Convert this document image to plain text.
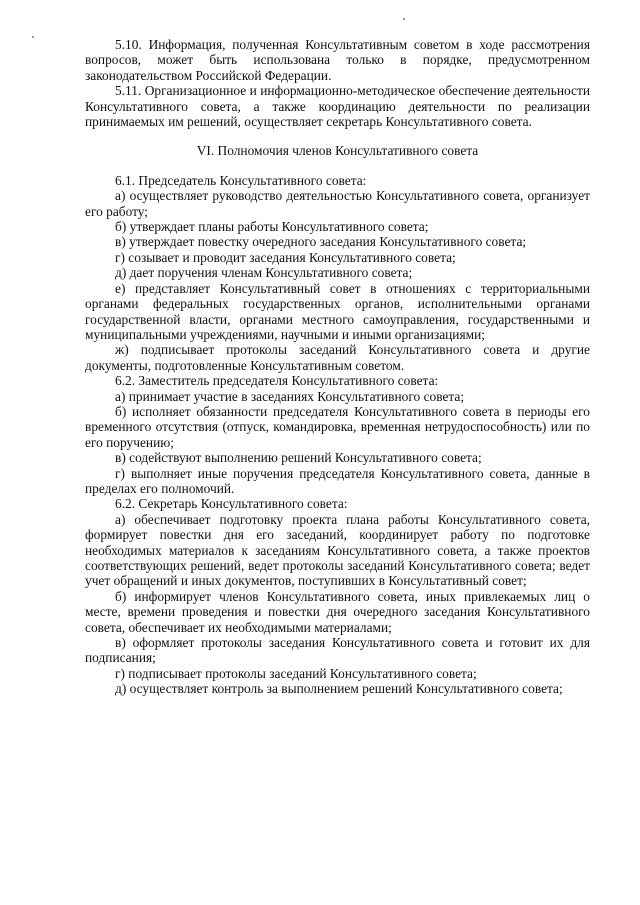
5.10. Информация, полученная Консультативным советом в ходе рассмотрения вопросов, может быть использована только в порядке, предусмотренном законодательством Российской Федерации.

5.11. Организационное и информационно-методическое обеспечение деятельности Консультативного совета, а также координацию деятельности по реализации принимаемых им решений, осуществляет секретарь Консультативного совета.

VI. Полномочия членов Консультативного совета

6.1. Председатель Консультативного совета:

а) осуществляет руководство деятельностью Консультативного совета, организует его работу;

б) утверждает планы работы Консультативного совета;

в) утверждает повестку очередного заседания Консультативного совета;

г) созывает и проводит заседания Консультативного совета;

д) дает поручения членам Консультативного совета;

е) представляет Консультативный совет в отношениях с территориальными органами федеральных государственных органов, исполнительными органами государственной власти, органами местного самоуправления, государственными и муниципальными учреждениями, научными и иными организациями;

ж) подписывает протоколы заседаний Консультативного совета и другие документы, подготовленные Консультативным советом.

6.2. Заместитель председателя Консультативного совета:

а) принимает участие в заседаниях Консультативного совета;

б) исполняет обязанности председателя Консультативного совета в периоды его временного отсутствия (отпуск, командировка, временная нетрудоспособность) или по его поручению;

в) содействуют выполнению решений Консультативного совета;

г) выполняет иные поручения председателя Консультативного совета, данные в пределах его полномочий.

6.2. Секретарь Консультативного совета:

а) обеспечивает подготовку проекта плана работы Консультативного совета, формирует повестки дня его заседаний, координирует работу по подготовке необходимых материалов к заседаниям Консультативного совета, а также проектов соответствующих решений, ведет протоколы заседаний Консультативного совета; ведет учет обращений и иных документов, поступивших в Консультативный совет;

б) информирует членов Консультативного совета, иных привлекаемых лиц о месте, времени проведения и повестки дня очередного заседания Консультативного совета, обеспечивает их необходимыми материалами;

в) оформляет протоколы заседания Консультативного совета и готовит их для подписания;

г) подписывает протоколы заседаний Консультативного совета;

д) осуществляет контроль за выполнением решений Консультативного совета;
